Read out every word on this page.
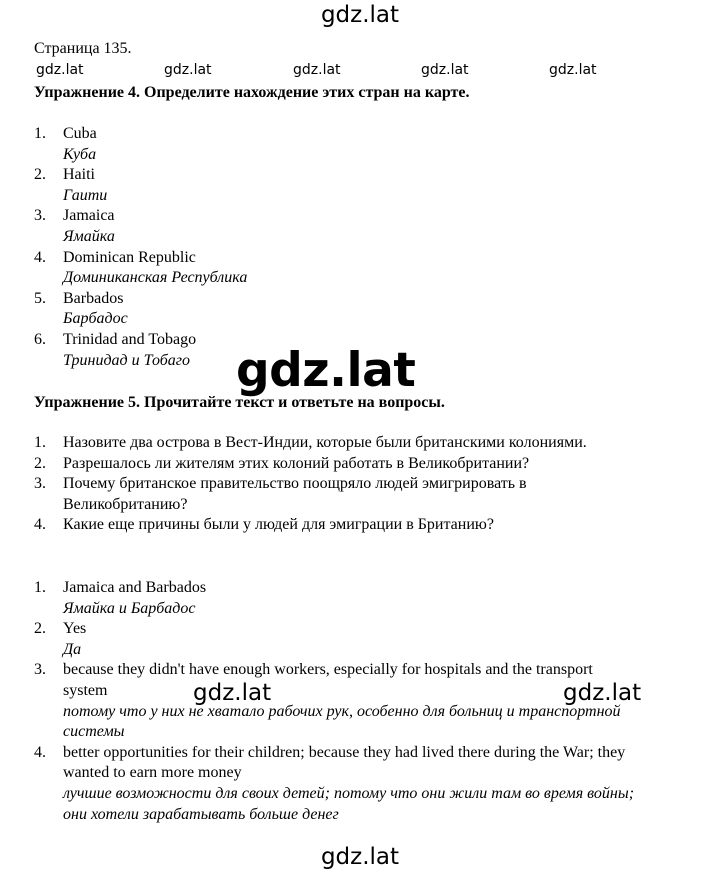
gdz.lat
Страница 135.
gdz.lat	gdz.lat	gdz.lat	gdz.lat	gdz.lat
Упражнение 4. Определите нахождение этих стран на карте.
1. Cuba
Куба
2. Haiti
Гаити
3. Jamaica
Ямайка
4. Dominican Republic
Доминиканская Республика
5. Barbados
Барбадос
6. Trinidad and Tobago
Тринидад и Тобаго
Упражнение 5. Прочитайте текст и ответьте на вопросы.
1. Назовите два острова в Вест-Индии, которые были британскими колониями.
2. Разрешалось ли жителям этих колоний работать в Великобритании?
3. Почему британское правительство поощряло людей эмигрировать в Великобританию?
4. Какие еще причины были у людей для эмиграции в Британию?
1. Jamaica and Barbados
Ямайка и Барбадос
2. Yes
Да
3. because they didn't have enough workers, especially for hospitals and the transport system
потому что у них не хватало рабочих рук, особенно для больниц и транспортной системы
4. better opportunities for their children; because they had lived there during the War; they wanted to earn more money
лучшие возможности для своих детей; потому что они жили там во время войны; они хотели зарабатывать больше денег
gdz.lat
gdz.lat	gdz.lat
gdz.lat
